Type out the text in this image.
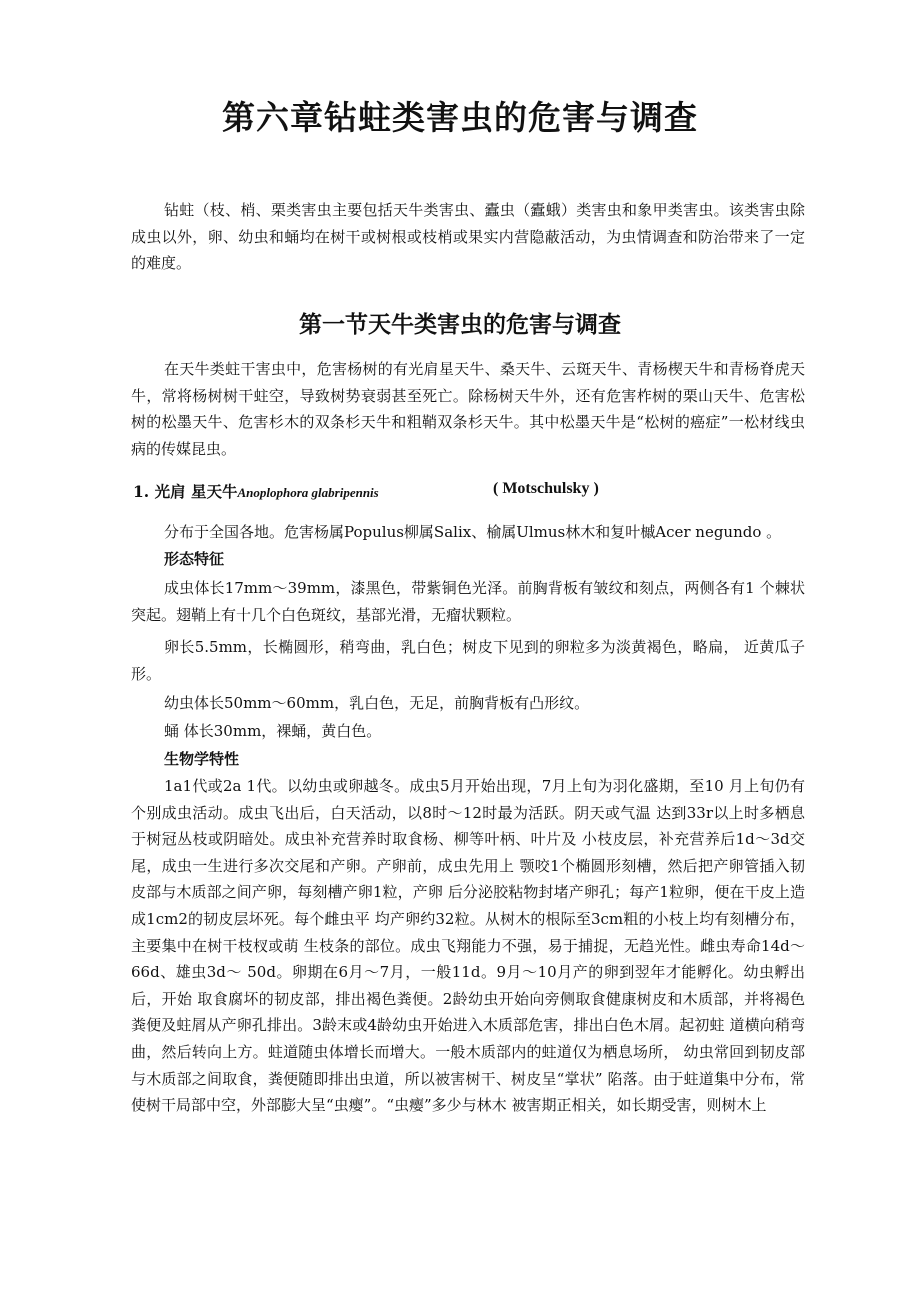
第六章钻蛀类害虫的危害与调查

钻蛀（枝、梢、栗类害虫主要包括天牛类害虫、蠹虫（蠹蛾）类害虫和象甲类害虫。该类害虫除成虫以外，卵、幼虫和蛹均在树干或树根或枝梢或果实内营隐蔽活动，为虫情调查和防治带来了一定的难度。

第一节天牛类害虫的危害与调查

在天牛类蛀干害虫中，危害杨树的有光肩星天牛、桑天牛、云斑天牛、青杨楔天牛和青杨脊虎天牛，常将杨树树干蛀空，导致树势衰弱甚至死亡。除杨树天牛外，还有危害柞树的栗山天牛、危害松树的松墨天牛、危害杉木的双条杉天牛和粗鞘双条杉天牛。其中松墨天牛是“松树的癌症”一松材线虫病的传媒昆虫。

1. 光肩 星天牛Anoplophora glabripennis	( Motschulsky )

分布于全国各地。危害杨属Populus柳属Salix、榆属Ulmus林木和复叶槭Acer negundo 。

形态特征

成虫体长17mm～39mm，漆黑色，带紫铜色光泽。前胸背板有皱纹和刻点，两侧各有1 个棘状突起。翅鞘上有十几个白色斑纹，基部光滑，无瘤状颗粒。

卵长5.5mm，长椭圆形，稍弯曲，乳白色；树皮下见到的卵粒多为淡黄褐色，略扁， 近黄瓜子形。

幼虫体长50mm～60mm，乳白色，无足，前胸背板有凸形纹。

蛹 体长30mm，裸蛹，黄白色。

生物学特性

1a1代或2a 1代。以幼虫或卵越冬。成虫5月开始出现，7月上旬为羽化盛期，至10 月上旬仍有个别成虫活动。成虫飞出后，白天活动，以8时～12时最为活跃。阴天或气温 达到33r以上时多栖息于树冠丛枝或阴暗处。成虫补充营养时取食杨、柳等叶柄、叶片及 小枝皮层，补充营养后1d～3d交尾，成虫一生进行多次交尾和产卵。产卵前，成虫先用上 颚咬1个椭圆形刻槽，然后把产卵管插入韧皮部与木质部之间产卵，每刻槽产卵1粒，产卵 后分泌胶粘物封堵产卵孔；每产1粒卵，便在干皮上造成1cm2的韧皮层坏死。每个雌虫平 均产卵约32粒。从树木的根际至3cm粗的小枝上均有刻槽分布，主要集中在树干枝杈或萌 生枝条的部位。成虫飞翔能力不强，易于捕捉，无趋光性。雌虫寿命14d～66d、雄虫3d～ 50d。卵期在6月～7月，一般11d。9月～10月产的卵到翌年才能孵化。幼虫孵出后，开始 取食腐坏的韧皮部，排出褐色粪便。2龄幼虫开始向旁侧取食健康树皮和木质部，并将褐色 粪便及蛀屑从产卵孔排出。3龄末或4龄幼虫开始进入木质部危害，排出白色木屑。起初蛀 道横向稍弯曲，然后转向上方。蛀道随虫体增长而增大。一般木质部内的蛀道仅为栖息场所， 幼虫常回到韧皮部与木质部之间取食，粪便随即排出虫道，所以被害树干、树皮呈“掌状” 陷落。由于蛀道集中分布，常使树干局部中空，外部膨大呈“虫瘿”。“虫瘿”多少与林木 被害期正相关，如长期受害，则树木上
